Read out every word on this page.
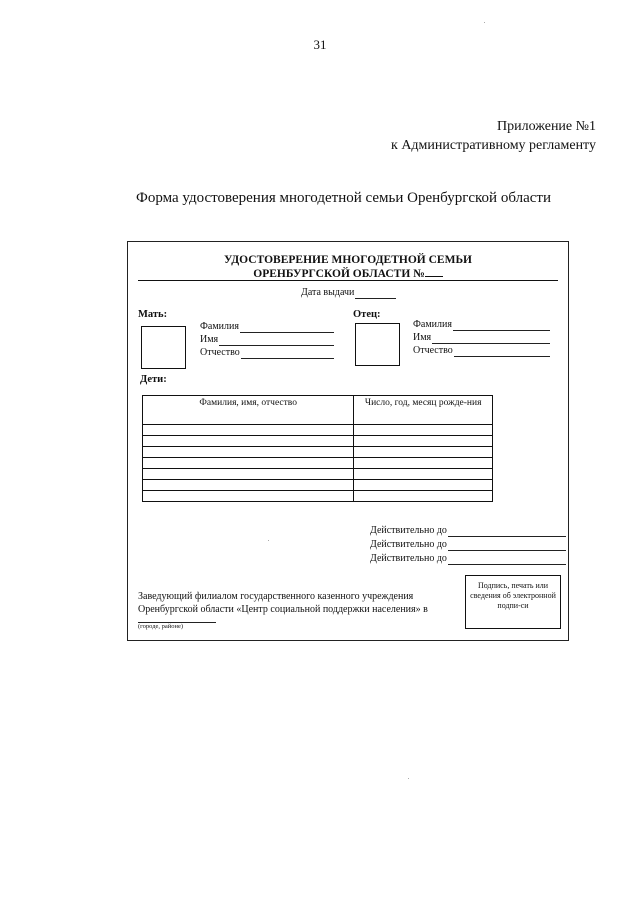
31
Приложение №1
к Административному регламенту
Форма удостоверения многодетной семьи Оренбургской области
УДОСТОВЕРЕНИЕ МНОГОДЕТНОЙ СЕМЬИ
ОРЕНБУРГСКОЙ ОБЛАСТИ №
Дата выдачи
Мать:
Фамилия
Имя
Отчество
Отец:
Фамилия
Имя
Отчество
Дети:
Фамилия, имя, отчество	Число, год, месяц рожде-ния

Действительно до
Действительно до
Действительно до
Заведующий филиалом государственного казенного учреждения Оренбургской области «Центр социальной поддержки населения» в
(городе, районе)
Подпись, печать или сведения об электронной подпи-си
